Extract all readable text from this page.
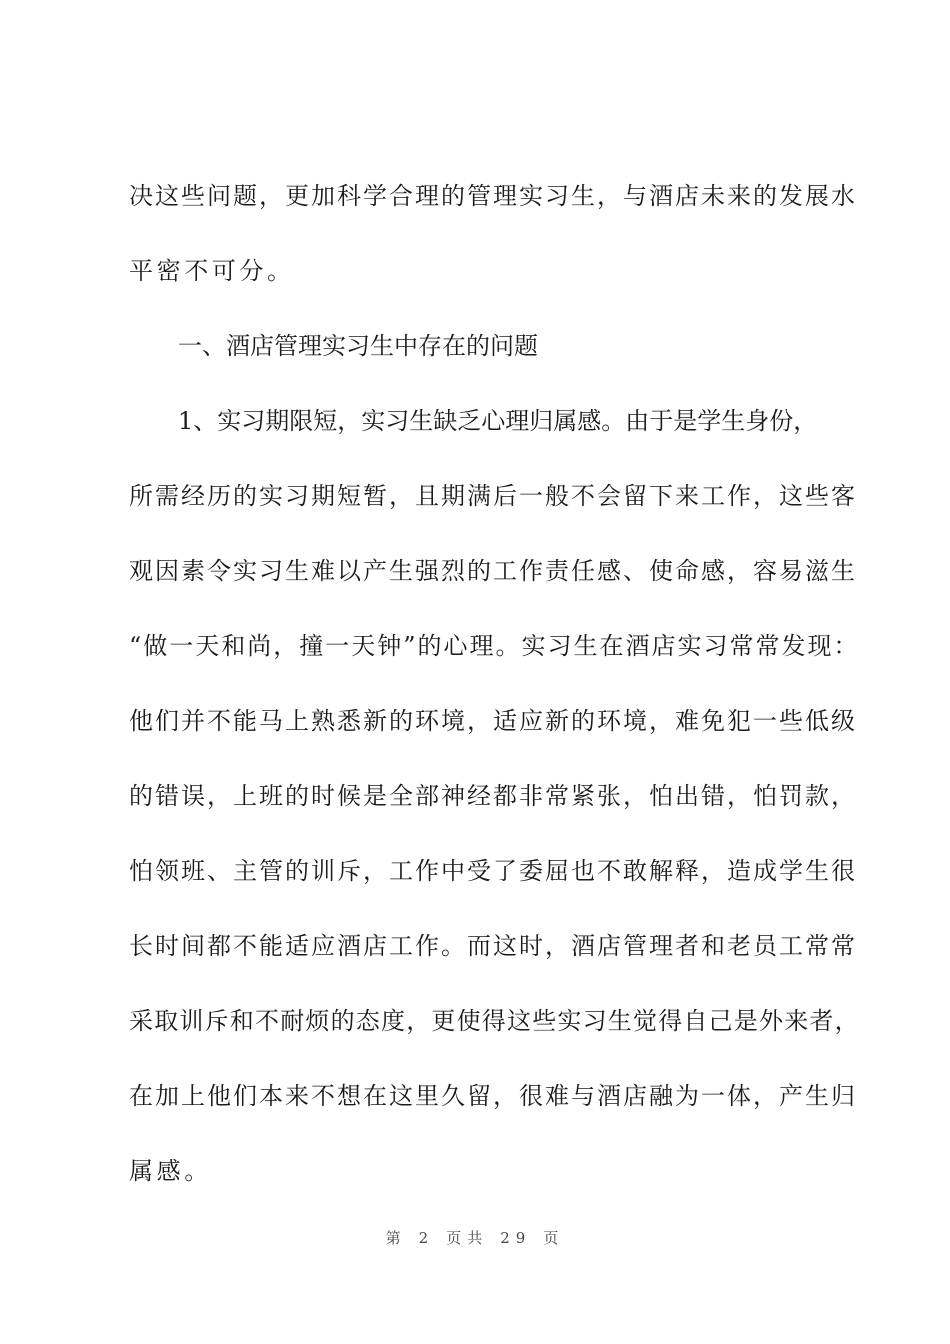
决这些问题，更加科学合理的管理实习生，与酒店未来的发展水
平密不可分。
一、酒店管理实习生中存在的问题
1、实习期限短，实习生缺乏心理归属感。由于是学生身份，
所需经历的实习期短暂，且期满后一般不会留下来工作，这些客
观因素令实习生难以产生强烈的工作责任感、使命感，容易滋生
“做一天和尚，撞一天钟”的心理。实习生在酒店实习常常发现：
他们并不能马上熟悉新的环境，适应新的环境，难免犯一些低级
的错误，上班的时候是全部神经都非常紧张，怕出错，怕罚款，
怕领班、主管的训斥，工作中受了委屈也不敢解释，造成学生很
长时间都不能适应酒店工作。而这时，酒店管理者和老员工常常
采取训斥和不耐烦的态度，更使得这些实习生觉得自己是外来者，
在加上他们本来不想在这里久留，很难与酒店融为一体，产生归
属感。
第 2 页共 29 页
